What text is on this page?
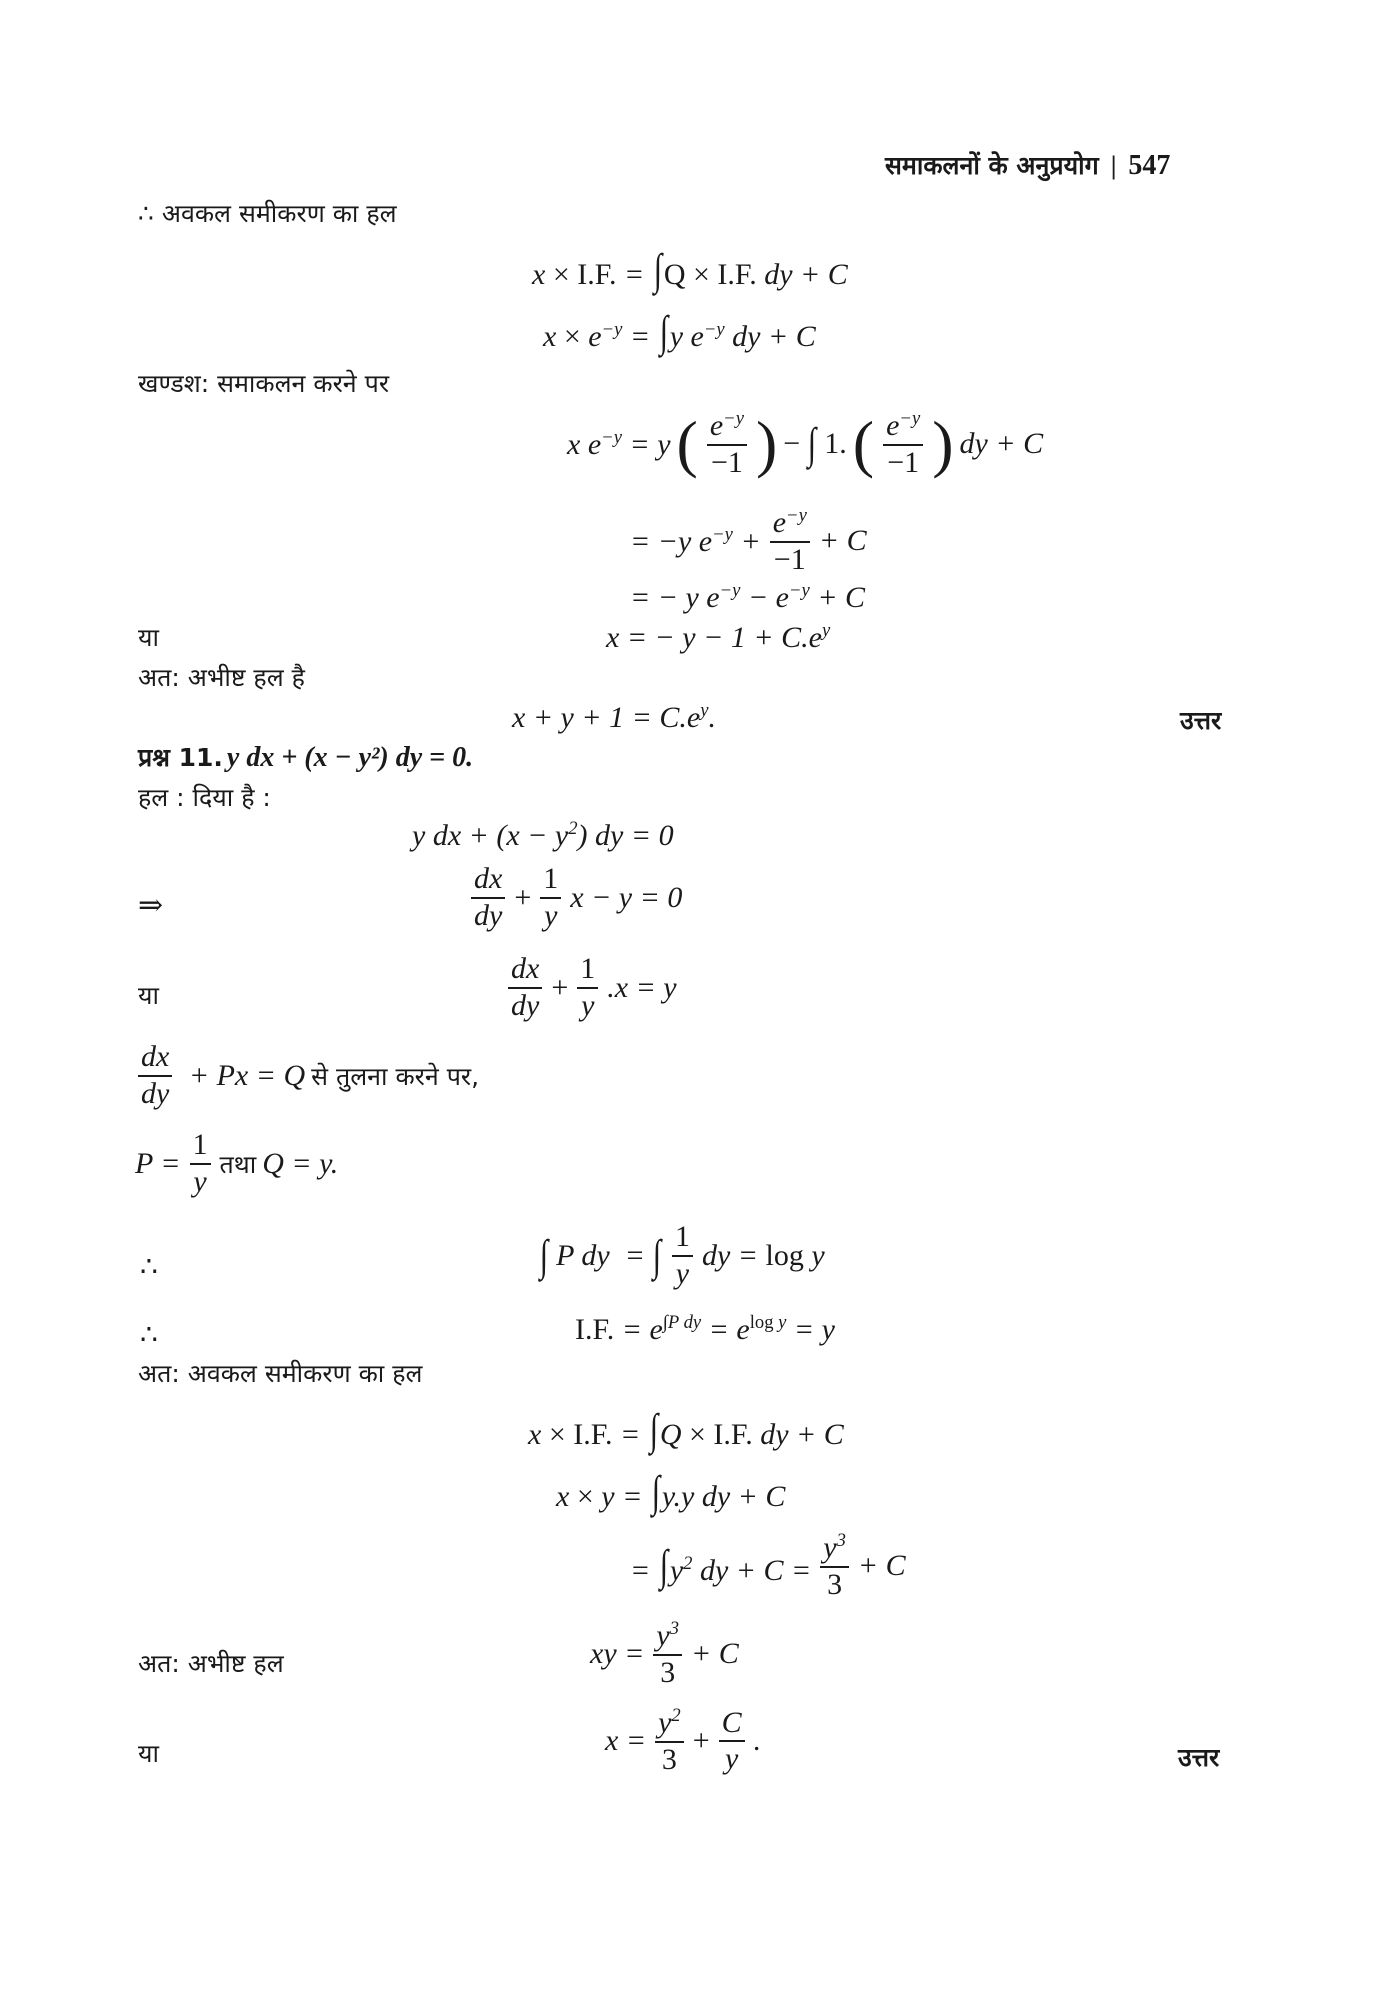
समाकलनों के अनुप्रयोग | 547
∴ अवकल समीकरण का हल
x × I.F. = ∫Q × I.F. dy + C
$x \times e^{-y} = \int y$ $e^{-y}$ dy + C
खण्डश: समाकलन करने पर
x $e^{-y} = y$ ( $\frac{e^{-y}}{-1}$ ) − ∫ 1. ( $\frac{e^{-y}}{-1}$ ) dy + C
= −y $e^{-y} + \frac{e^{-y}}{-1} + C$
= − y $e^{-y} - e^{-y} + C$
या	x = − $y - 1 + C.e^y$
अत: अभीष्ट हल है
$x + y + 1 = C.e^y$.	उत्तर
प्रश्न 11. y dx + (x − y²) dy = 0.
हल : दिया है :
y dx + $(x - y^2)$ dy = 0
⇒	$\frac{dx}{dy} + \frac{1}{y}$ x − y = 0
या	$\frac{dx}{dy} + \frac{1}{y} .x = y$
$\frac{dx}{dy} + Px = Q$ से तुलना करने पर,
$P = \frac{1}{y}$ तथा Q = y.
∴	∫ P dy  = ∫ $\frac{1}{y}$ dy = log y
∴	I.F. = $e^{\int P dy} = e^{log y} = y$
अत: अवकल समीकरण का हल
x × I.F. = ∫Q × I.F. dy + C
x × y = ∫y.y dy + C
= $\int y^2$ dy + $C = \frac{y^3}{3} + C$
अत: अभीष्ट हल	xy = $\frac{y^3}{3} + C$
या	$x = \frac{y^2}{3} + \frac{C}{y}$ .
उत्तर
